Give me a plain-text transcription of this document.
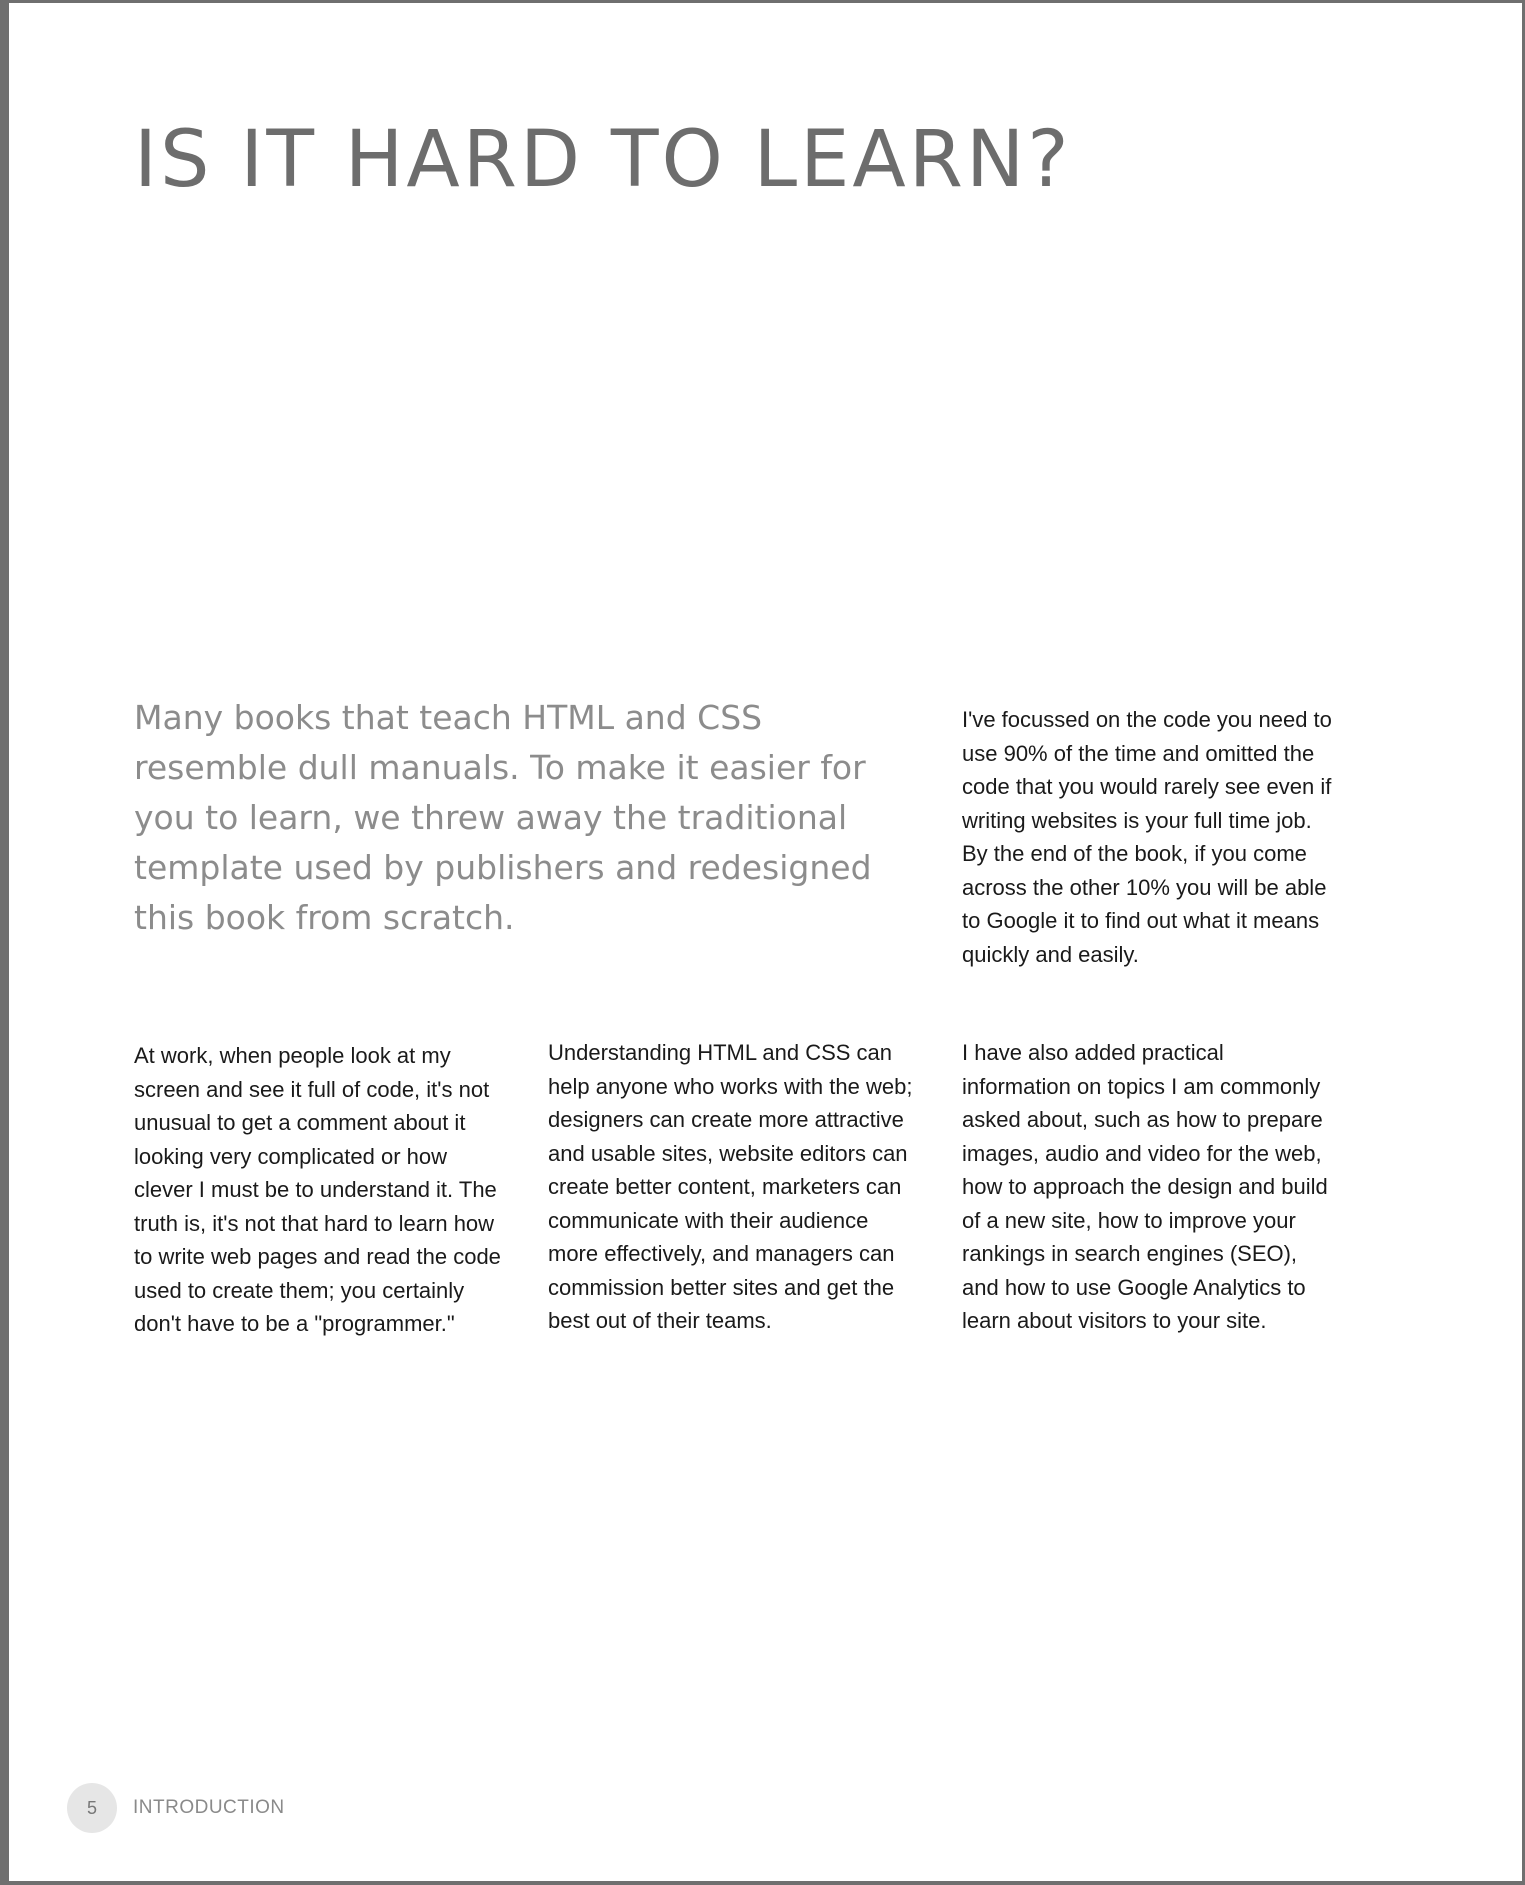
IS IT HARD TO LEARN?

Many books that teach HTML and CSS resemble dull manuals. To make it easier for you to learn, we threw away the traditional template used by publishers and redesigned this book from scratch.

I've focussed on the code you need to use 90% of the time and omitted the code that you would rarely see even if writing websites is your full time job. By the end of the book, if you come across the other 10% you will be able to Google it to find out what it means quickly and easily.

At work, when people look at my screen and see it full of code, it's not unusual to get a comment about it looking very complicated or how clever I must be to understand it. The truth is, it's not that hard to learn how to write web pages and read the code used to create them; you certainly don't have to be a "programmer."

Understanding HTML and CSS can help anyone who works with the web; designers can create more attractive and usable sites, website editors can create better content, marketers can communicate with their audience more effectively, and managers can commission better sites and get the best out of their teams.

I have also added practical information on topics I am commonly asked about, such as how to prepare images, audio and video for the web, how to approach the design and build of a new site, how to improve your rankings in search engines (SEO), and how to use Google Analytics to learn about visitors to your site.

5	INTRODUCTION
